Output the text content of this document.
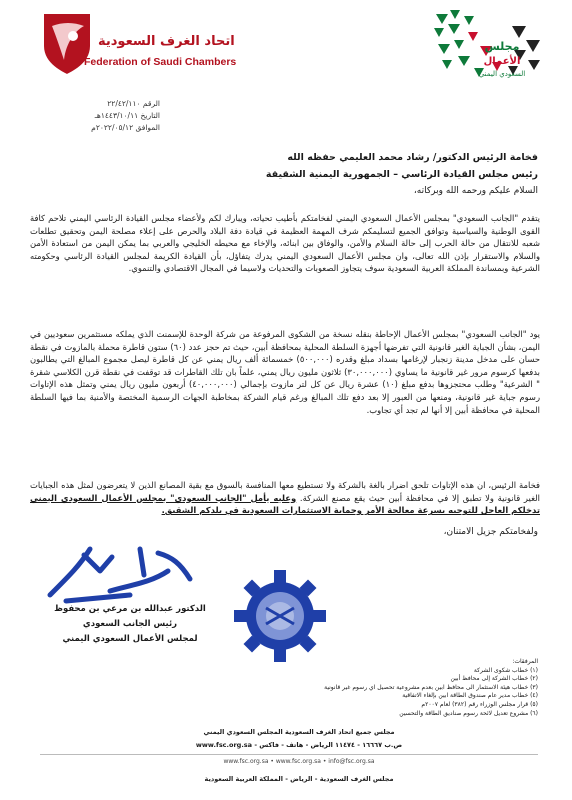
اتحاد الغرف السعودية
Federation of Saudi Chambers
مجلس
الأعمال
السعودي اليمني
الرقم ٢٢/٤٢/١١٠
التاريخ ١٤٤٣/١٠/١١هـ
الموافق ٢٠٢٢/٠٥/١٢م
فخامة الرئيس الدكتور/ رشاد محمد العليمي حفظه الله
رئيس مجلس القيادة الرئاسي – الجمهورية اليمنية الشقيقة
السلام عليكم ورحمه الله وبركاته،
يتقدم "الجانب السعودي" بمجلس الأعمال السعودي اليمني لفخامتكم بأطيب تحياته، ويبارك لكم ولأعضاء مجلس القيادة الرئاسي اليمني تلاحم كافة القوى الوطنية والسياسية وتوافق الجميع لتسليمكم شرف المهمة العظيمة في قيادة دفة البلاد والحرص على إعلاء مصلحة اليمن وتحقيق تطلعات شعبه للانتقال من حالة الحرب إلى حالة السلام والأمن، والوفاق بين ابنائه، والإخاء مع محيطه الخليجي والعربي بما يمكن اليمن من استعادة الأمن والسلام والاستقرار بإذن الله تعالى، وان مجلس الأعمال السعودي اليمني يدرك يتفاؤل، بأن القيادة الكريمة لمجلس القيادة الرئاسي وحكومته الشرعية وبمساندة المملكة العربية السعودية سوف يتجاوز الصعوبات والتحديات ولاسيما في المجال الاقتصادي والتنموي.
يود "الجانب السعودي" بمجلس الأعمال الإحاطة بنقله نسخة من الشكوى المرفوعة من شركة الوحدة للإسمنت الذي يملكه مستثمرين سعوديين في اليمن، بشأن الجباية الغير قانونية التي تفرضها أجهزة السلطة المحلية بمحافظة أبين، حيث تم حجز عدد (٦٠) ستون قاطرة محملة بالمازوت في نقطة حسان على مدخل مدينة زنجبار لإرغامها بسداد مبلغ وقدره (٥٠٠,٠٠٠) خمسمائة ألف ريال يمني عن كل قاطرة ليصل مجموع المبالغ التي يطالبون بدفعها كرسوم مرور غير قانونية ما يساوي (٣٠,٠٠٠,٠٠٠) ثلاثون مليون ريال يمني، علماً بان تلك القاطرات قد توقفت في نقطة قرن الكلاسي شقرة " الشرعية" وطلب محتجزوها بدفع مبلغ (١٠) عشرة ريال عن كل لتر مازوت بإجمالي (٤٠,٠٠٠,٠٠٠) أربعون مليون ريال يمني وتمثل هذه الإتاوات رسوم جباية غير قانونية، ومنعها من العبور إلا بعد دفع تلك المبالغ ورغم قيام الشركة بمخاطبة الجهات الرسمية المختصة والأمنية بما فيها السلطة المحلية في محافظة أبين إلا أنها لم تجد أي تجاوب.
فخامة الرئيس، ان هذه الإتاوات تلحق اضرار بالغة بالشركة ولا تستطيع معها المنافسة بالسوق مع بقية المصانع الذين لا يتعرضون لمثل هذه الجبايات الغير قانونية ولا تطبق إلا في محافظة أبين حيث يقع مصنع الشركة. وعليه يأمل "الجانب السعودي" بمجلس الأعمال السعودي اليمني تدخلكم العاجل للتوجيه بسرعة معالجة الأمر وحماية الاستثمارات السعودية في بلدكم الشقيق.
ولفخامتكم جزيل الامتنان،
الدكتور عبدالله بن مرعي بن محفوظ
رئيس الجانب السعودي
لمجلس الأعمال السعودي اليمني
المرفقات:
(١) خطاب شكوى الشركة
(٢) خطاب الشركة إلى محافظ أبين
(٣) خطاب هيئة الاستثمار الى محافظ ابين بعدم مشروعية تحصيل اي رسوم غير قانونية
(٤) خطاب مدير عام صندوق الطاقة ابين بإلغاء الاتفاقية
(٥) قرار مجلس الوزراء رقم (٣٨٢) لعام ٢٠٠٧م
(٦) مشروع تعديل لائحة رسوم صناديق الطاقة والتحسين
مجلس جميع اتحاد الغرف السعودية المجلس السعودي اليمني
ص.ب ١٦٦٦٧ - ١١٤٧٤ الرياض - هاتف - فاكس - www.fsc.org.sa
www.fsc.org.sa • www.fsc.org.sa • info@fsc.org.sa
مجلس الغرف السعودية - الرياض - المملكة العربية السعودية
